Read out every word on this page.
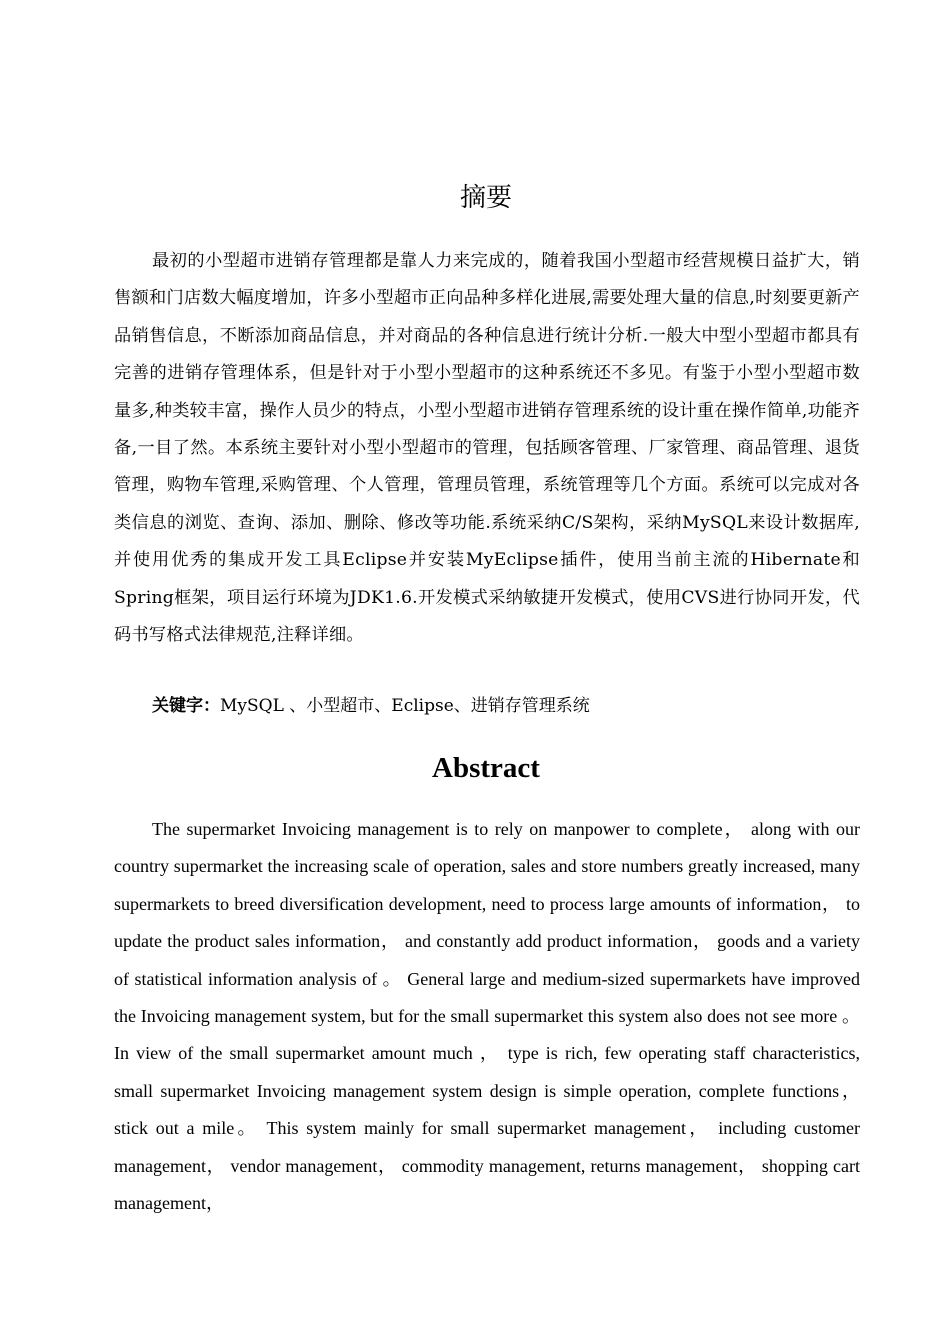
摘要

最初的小型超市进销存管理都是靠人力来完成的，随着我国小型超市经营规模日益扩大，销售额和门店数大幅度增加，许多小型超市正向品种多样化进展,需要处理大量的信息,时刻要更新产品销售信息，不断添加商品信息，并对商品的各种信息进行统计分析.一般大中型小型超市都具有完善的进销存管理体系，但是针对于小型小型超市的这种系统还不多见。有鉴于小型小型超市数量多,种类较丰富，操作人员少的特点，小型小型超市进销存管理系统的设计重在操作简单,功能齐备,一目了然。本系统主要针对小型小型超市的管理，包括顾客管理、厂家管理、商品管理、退货管理，购物车管理,采购管理、个人管理，管理员管理，系统管理等几个方面。系统可以完成对各类信息的浏览、查询、添加、删除、修改等功能.系统采纳C/S架构，采纳MySQL来设计数据库,并使用优秀的集成开发工具Eclipse并安装MyEclipse插件，使用当前主流的Hibernate和Spring框架，项目运行环境为JDK1.6.开发模式采纳敏捷开发模式，使用CVS进行协同开发，代码书写格式法律规范,注释详细。

关键字：MySQL 、小型超市、Eclipse、进销存管理系统
Abstract

The supermarket Invoicing management is to rely on manpower to complete， along with our country supermarket the increasing scale of operation, sales and store numbers greatly increased, many supermarkets to breed diversification development, need to process large amounts of information， to update the product sales information， and constantly add product information， goods and a variety of statistical information analysis of 。 General large and medium-sized supermarkets have improved the Invoicing management system, but for the small supermarket this system also does not see more 。 In view of the small supermarket amount much ， type is rich, few operating staff characteristics, small supermarket Invoicing management system design is simple operation, complete functions， stick out a mile。 This system mainly for small supermarket management， including customer management， vendor management， commodity management, returns management， shopping cart management，
